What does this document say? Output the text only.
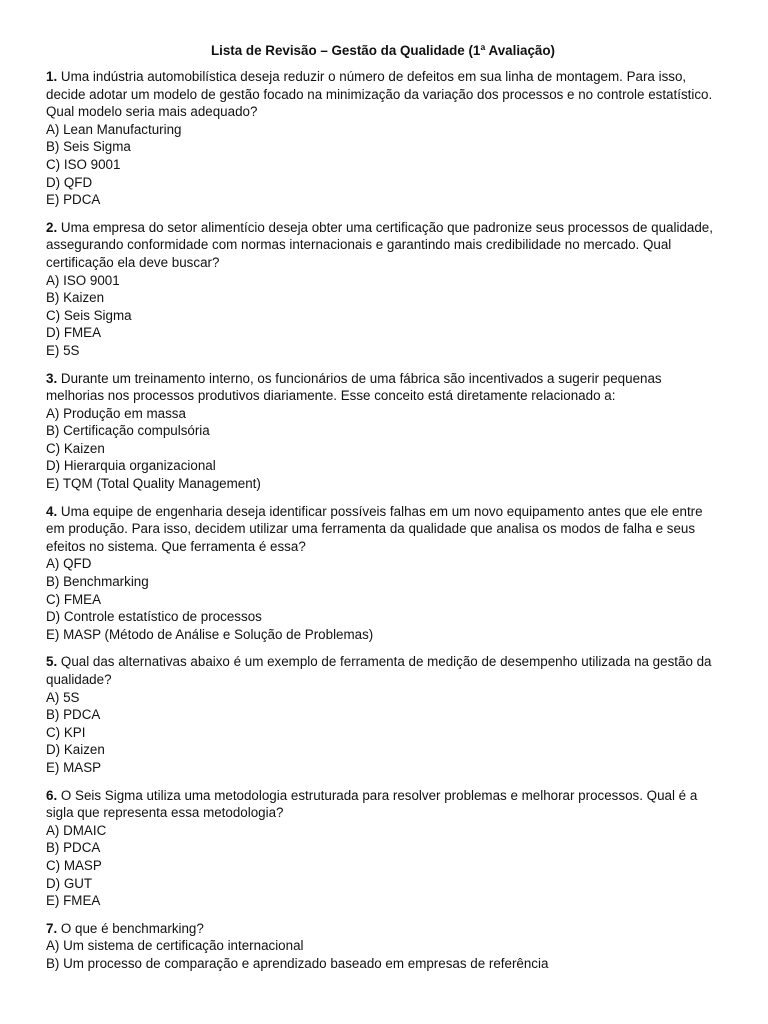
Lista de Revisão – Gestão da Qualidade (1ª Avaliação)

1. Uma indústria automobilística deseja reduzir o número de defeitos em sua linha de montagem. Para isso, decide adotar um modelo de gestão focado na minimização da variação dos processos e no controle estatístico. Qual modelo seria mais adequado?

A) Lean Manufacturing

B) Seis Sigma

C) ISO 9001

D) QFD

E) PDCA

2. Uma empresa do setor alimentício deseja obter uma certificação que padronize seus processos de qualidade, assegurando conformidade com normas internacionais e garantindo mais credibilidade no mercado. Qual certificação ela deve buscar?

A) ISO 9001

B) Kaizen

C) Seis Sigma

D) FMEA

E) 5S

3. Durante um treinamento interno, os funcionários de uma fábrica são incentivados a sugerir pequenas melhorias nos processos produtivos diariamente. Esse conceito está diretamente relacionado a:

A) Produção em massa

B) Certificação compulsória

C) Kaizen

D) Hierarquia organizacional

E) TQM (Total Quality Management)

4. Uma equipe de engenharia deseja identificar possíveis falhas em um novo equipamento antes que ele entre em produção. Para isso, decidem utilizar uma ferramenta da qualidade que analisa os modos de falha e seus efeitos no sistema. Que ferramenta é essa?

A) QFD

B) Benchmarking

C) FMEA

D) Controle estatístico de processos

E) MASP (Método de Análise e Solução de Problemas)

5. Qual das alternativas abaixo é um exemplo de ferramenta de medição de desempenho utilizada na gestão da qualidade?

A) 5S

B) PDCA

C) KPI

D) Kaizen

E) MASP

6. O Seis Sigma utiliza uma metodologia estruturada para resolver problemas e melhorar processos. Qual é a sigla que representa essa metodologia?

A) DMAIC

B) PDCA

C) MASP

D) GUT

E) FMEA

7. O que é benchmarking?

A) Um sistema de certificação internacional

B) Um processo de comparação e aprendizado baseado em empresas de referência
